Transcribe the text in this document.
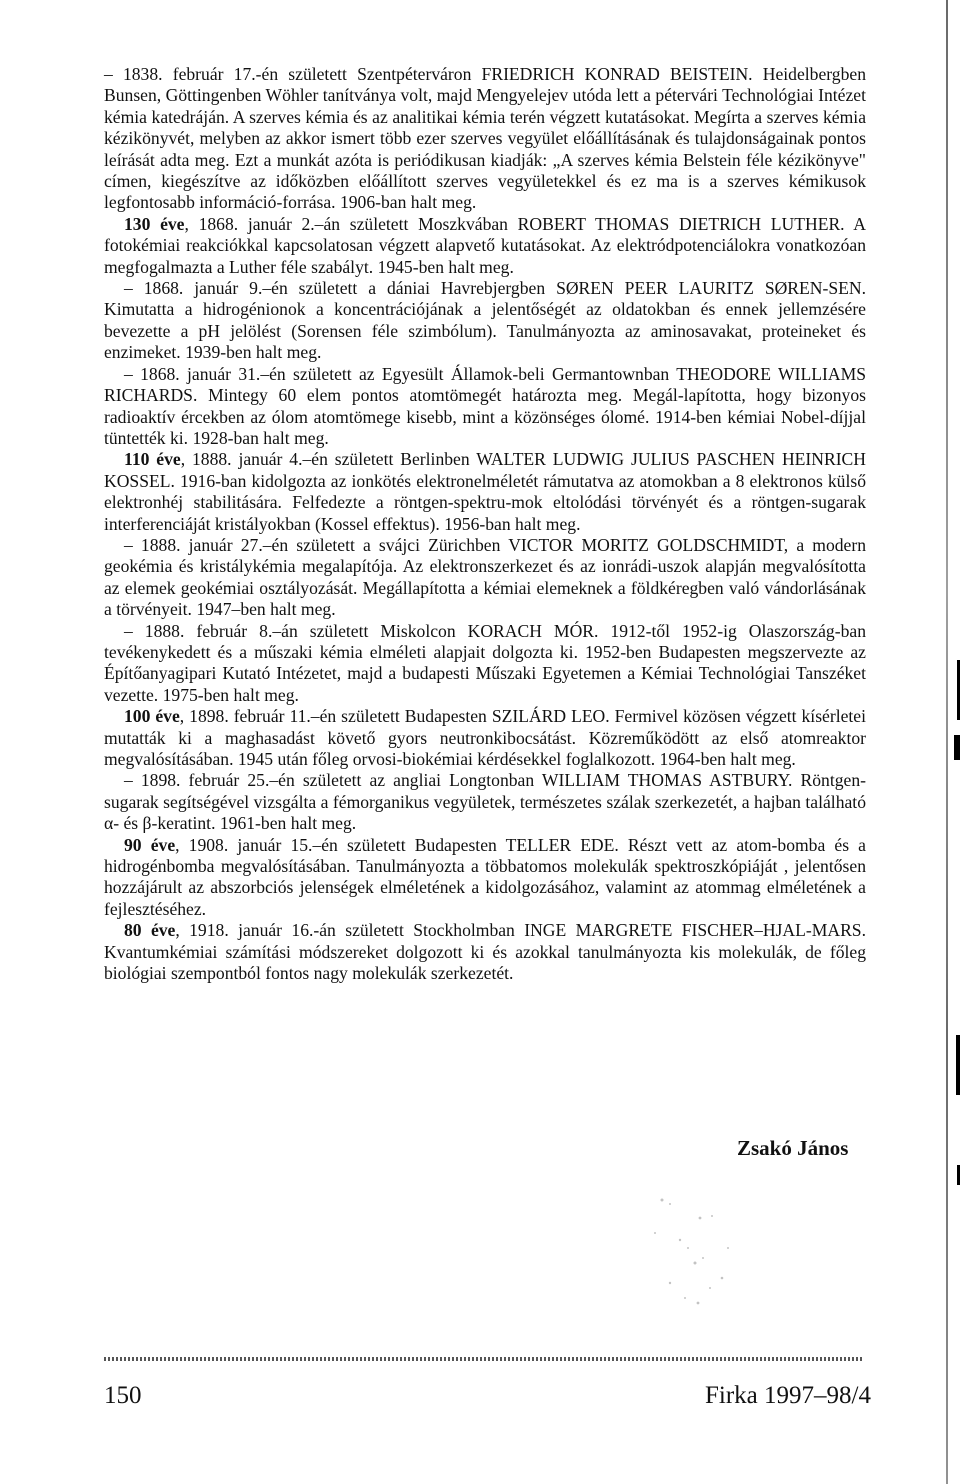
– 1838. február 17.-én született Szentpéterváron FRIEDRICH KONRAD BEISTEIN. Heidelbergben Bunsen, Göttingenben Wöhler tanítványa volt, majd Mengyelejev utóda lett a pétervári Technológiai Intézet kémia katedráján. A szerves kémia és az analitikai kémia terén végzett kutatásokat. Megírta a szerves kémia kézikönyvét, melyben az akkor ismert több ezer szerves vegyület előállításának és tulajdonságainak pontos leírását adta meg. Ezt a munkát azóta is periódikusan kiadják: „A szerves kémia Belstein féle kézikönyve" címen, kiegészítve az időközben előállított szerves vegyületekkel és ez ma is a szerves kémikusok legfontosabb információ-forrása. 1906-ban halt meg.

130 éve, 1868. január 2.–án született Moszkvában ROBERT THOMAS DIETRICH LUTHER. A fotokémiai reakciókkal kapcsolatosan végzett alapvető kutatásokat. Az elektródpotenciálokra vonatkozóan megfogalmazta a Luther féle szabályt. 1945-ben halt meg.

– 1868. január 9.–én született a dániai Havrebjergben SØREN PEER LAURITZ SØREN-SEN. Kimutatta a hidrogénionok a koncentrációjának a jelentőségét az oldatokban és ennek jellemzésére bevezette a pH jelölést (Sorensen féle szimbólum). Tanulmányozta az aminosavakat, proteineket és enzimeket. 1939-ben halt meg.

– 1868. január 31.–én született az Egyesült Államok-beli Germantownban THEODORE WILLIAMS RICHARDS. Mintegy 60 elem pontos atomtömegét határozta meg. Megál-lapította, hogy bizonyos radioaktív ércekben az ólom atomtömege kisebb, mint a közönséges ólomé. 1914-ben kémiai Nobel-díjjal tüntették ki. 1928-ban halt meg.

110 éve, 1888. január 4.–én született Berlinben WALTER LUDWIG JULIUS PASCHEN HEINRICH KOSSEL. 1916-ban kidolgozta az ionkötés elektronelméletét rámutatva az atomokban a 8 elektronos külső elektronhéj stabilitására. Felfedezte a röntgen-spektru-mok eltolódási törvényét és a röntgen-sugarak interferenciáját kristályokban (Kossel effektus). 1956-ban halt meg.

– 1888. január 27.–én született a svájci Zürichben VICTOR MORITZ GOLDSCHMIDT, a modern geokémia és kristálykémia megalapítója. Az elektronszerkezet és az ionrádi-uszok alapján megvalósította az elemek geokémiai osztályozását. Megállapította a kémiai elemeknek a földkéregben való vándorlásának a törvényeit. 1947–ben halt meg.

– 1888. február 8.–án született Miskolcon KORACH MÓR. 1912-től 1952-ig Olaszország-ban tevékenykedett és a műszaki kémia elméleti alapjait dolgozta ki. 1952-ben Budapesten megszervezte az Építőanyagipari Kutató Intézetet, majd a budapesti Műszaki Egyetemen a Kémiai Technológiai Tanszéket vezette. 1975-ben halt meg.

100 éve, 1898. február 11.–én született Budapesten SZILÁRD LEO. Fermivel közösen végzett kísérletei mutatták ki a maghasadást követő gyors neutronkibocsátást. Közreműködött az első atomreaktor megvalósításában. 1945 után főleg orvosi-biokémiai kérdésekkel foglalkozott. 1964-ben halt meg.

– 1898. február 25.–én született az angliai Longtonban WILLIAM THOMAS ASTBURY. Röntgen-sugarak segítségével vizsgálta a fémorganikus vegyületek, természetes szálak szerkezetét, a hajban található α- és β-keratint. 1961-ben halt meg.

90 éve, 1908. január 15.–én született Budapesten TELLER EDE. Részt vett az atom-bomba és a hidrogénbomba megvalósításában. Tanulmányozta a többatomos molekulák spektroszkópiáját , jelentősen hozzájárult az abszorbciós jelenségek elméletének a kidolgozásához, valamint az atommag elméletének a fejlesztéséhez.

80 éve, 1918. január 16.-án született Stockholmban INGE MARGRETE FISCHER–HJAL-MARS. Kvantumkémiai számítási módszereket dolgozott ki és azokkal tanulmányozta kis molekulák, de főleg biológiai szempontból fontos nagy molekulák szerkezetét.

Zsakó János
150	Firka 1997–98/4
